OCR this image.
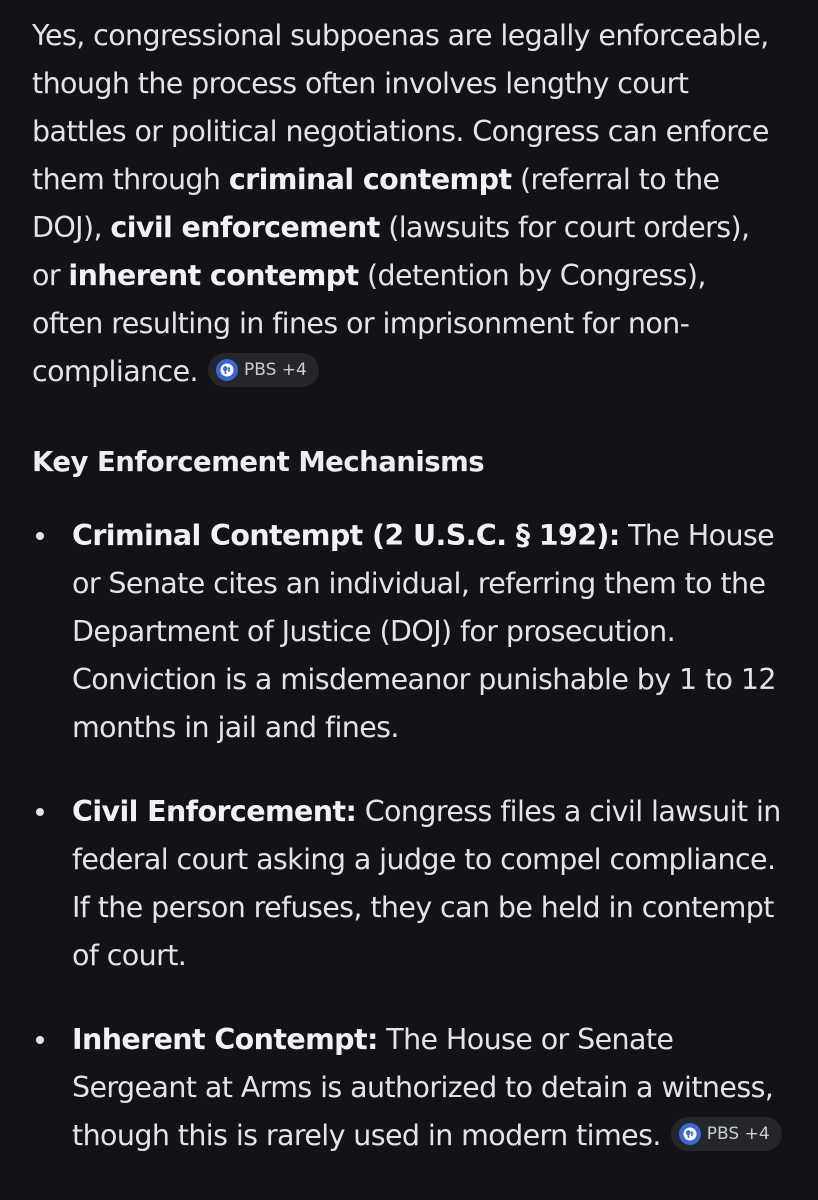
Yes, congressional subpoenas are legally enforceable, though the process often involves lengthy court battles or political negotiations. Congress can enforce them through criminal contempt (referral to the DOJ), civil enforcement (lawsuits for court orders), or inherent contempt (detention by Congress), often resulting in fines or imprisonment for non-compliance.	PBS +4

Key Enforcement Mechanisms
Criminal Contempt (2 U.S.C. § 192): The House or Senate cites an individual, referring them to the Department of Justice (DOJ) for prosecution. Conviction is a misdemeanor punishable by 1 to 12 months in jail and fines.
Civil Enforcement: Congress files a civil lawsuit in federal court asking a judge to compel compliance. If the person refuses, they can be held in contempt of court.
Inherent Contempt: The House or Senate Sergeant at Arms is authorized to detain a witness, though this is rarely used in modern times.	PBS +4
